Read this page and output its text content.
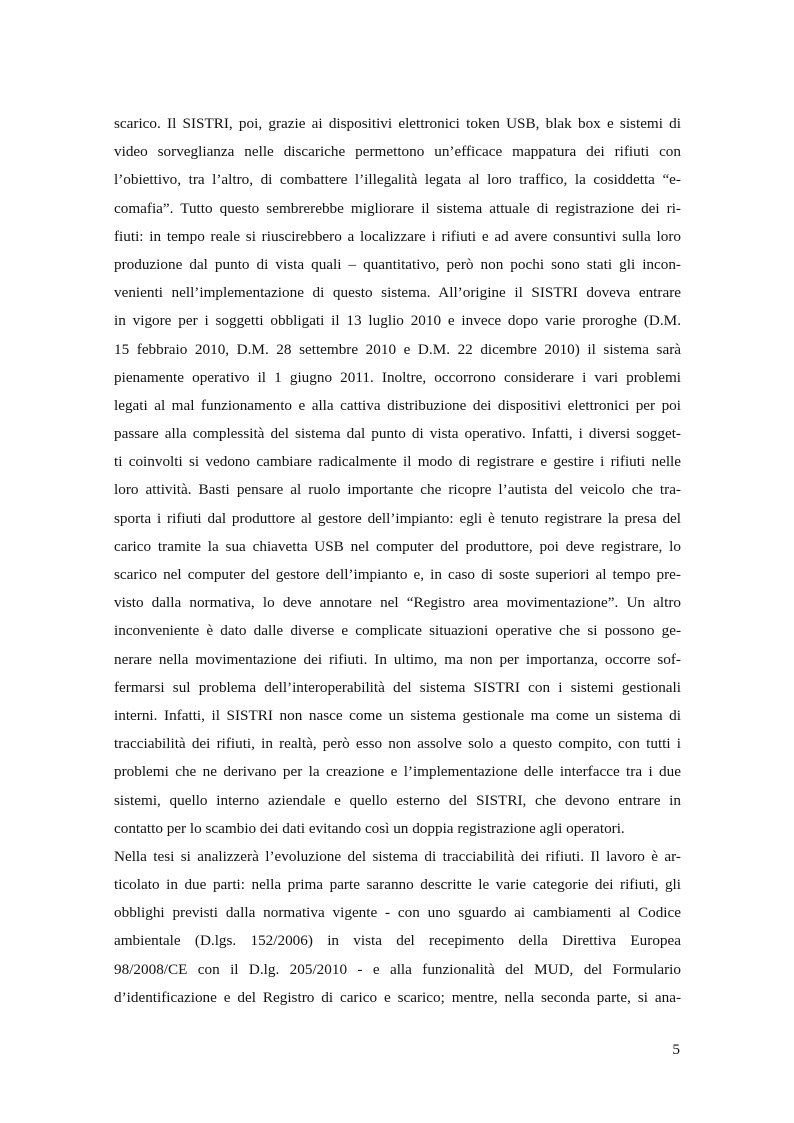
scarico. Il SISTRI, poi, grazie ai dispositivi elettronici token USB, blak box e sistemi di
video sorveglianza nelle discariche permettono un’efficace mappatura dei rifiuti con
l’obiettivo, tra l’altro, di combattere l’illegalità legata al loro traffico, la cosiddetta “e-
comafia”. Tutto questo sembrerebbe migliorare il sistema attuale di registrazione dei ri-
fiuti: in tempo reale si riuscirebbero a localizzare i rifiuti e ad avere consuntivi sulla loro
produzione dal punto di vista quali – quantitativo, però non pochi sono stati gli incon-
venienti nell’implementazione di questo sistema. All’origine il SISTRI doveva entrare
in vigore per i soggetti obbligati il 13 luglio 2010 e invece dopo varie proroghe (D.M.
15 febbraio 2010, D.M. 28 settembre 2010 e D.M. 22 dicembre 2010) il sistema sarà
pienamente operativo il 1 giugno 2011. Inoltre, occorrono considerare i vari problemi
legati al mal funzionamento e alla cattiva distribuzione dei dispositivi elettronici per poi
passare alla complessità del sistema dal punto di vista operativo. Infatti, i diversi sogget-
ti coinvolti si vedono cambiare radicalmente il modo di registrare e gestire i rifiuti nelle
loro attività. Basti pensare al ruolo importante che ricopre l’autista del veicolo che tra-
sporta i rifiuti dal produttore al gestore dell’impianto: egli è tenuto registrare la presa del
carico tramite la sua chiavetta USB nel computer del produttore, poi deve registrare, lo
scarico nel computer del gestore dell’impianto e, in caso di soste superiori al tempo pre-
visto dalla normativa, lo deve annotare nel “Registro area movimentazione”. Un altro
inconveniente è dato dalle diverse e complicate situazioni operative che si possono ge-
nerare nella movimentazione dei rifiuti. In ultimo, ma non per importanza, occorre sof-
fermarsi sul problema dell’interoperabilità del sistema SISTRI con i sistemi gestionali
interni. Infatti, il SISTRI non nasce come un sistema gestionale ma come un sistema di
tracciabilità dei rifiuti, in realtà, però esso non assolve solo a questo compito, con tutti i
problemi che ne derivano per la creazione e l’implementazione delle interfacce tra i due
sistemi, quello interno aziendale e quello esterno del SISTRI, che devono entrare in
contatto per lo scambio dei dati evitando così un doppia registrazione agli operatori.
Nella tesi si analizzerà l’evoluzione del sistema di tracciabilità dei rifiuti. Il lavoro è ar-
ticolato in due parti: nella prima parte saranno descritte le varie categorie dei rifiuti, gli
obblighi previsti dalla normativa vigente - con uno sguardo ai cambiamenti al Codice
ambientale (D.lgs. 152/2006) in vista del recepimento della Direttiva Europea
98/2008/CE con il D.lg. 205/2010 - e alla funzionalità del MUD, del Formulario
d’identificazione e del Registro di carico e scarico; mentre, nella seconda parte, si ana-
5
